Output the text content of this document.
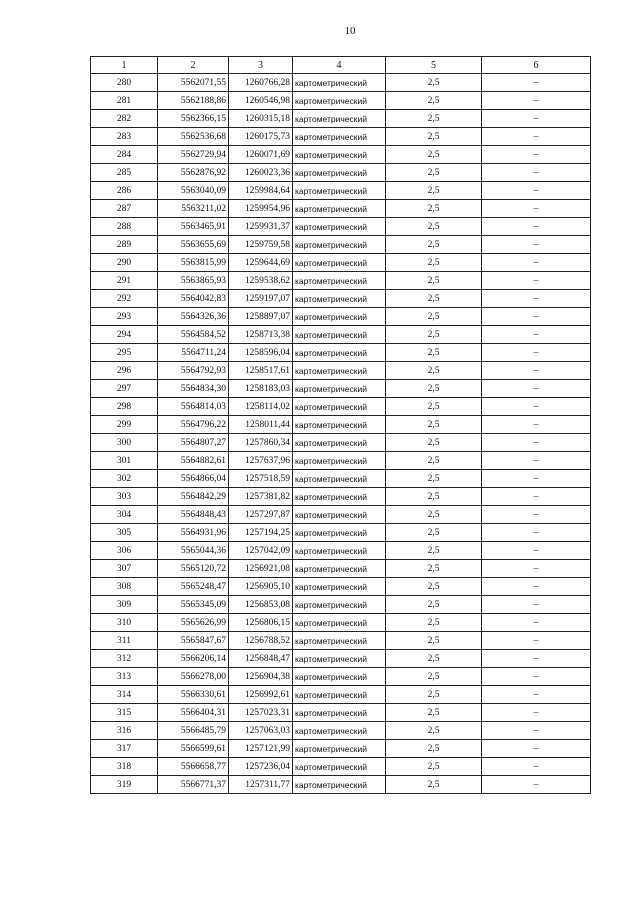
10
1	2	3	4	5	6
280	5562071,55	1260766,28	картометрический	2,5	–
281	5562188,86	1260546,98	картометрический	2,5	–
282	5562366,15	1260315,18	картометрический	2,5	–
283	5562536,68	1260175,73	картометрический	2,5	–
284	5562729,94	1260071,69	картометрический	2,5	–
285	5562876,92	1260023,36	картометрический	2,5	–
286	5563040,09	1259984,64	картометрический	2,5	–
287	5563211,02	1259954,96	картометрический	2,5	–
288	5563465,91	1259931,37	картометрический	2,5	–
289	5563655,69	1259759,58	картометрический	2,5	–
290	5563815,99	1259644,69	картометрический	2,5	–
291	5563865,93	1259538,62	картометрический	2,5	–
292	5564042,83	1259197,07	картометрический	2,5	–
293	5564326,36	1258897,07	картометрический	2,5	–
294	5564584,52	1258713,38	картометрический	2,5	–
295	5564711,24	1258596,04	картометрический	2,5	–
296	5564792,93	1258517,61	картометрический	2,5	–
297	5564834,30	1258183,03	картометрический	2,5	–
298	5564814,03	1258114,02	картометрический	2,5	–
299	5564796,22	1258011,44	картометрический	2,5	–
300	5564807,27	1257860,34	картометрический	2,5	–
301	5564882,61	1257637,96	картометрический	2,5	–
302	5564866,04	1257518,59	картометрический	2,5	–
303	5564842,29	1257381,82	картометрический	2,5	–
304	5564848,43	1257297,87	картометрический	2,5	–
305	5564931,96	1257194,25	картометрический	2,5	–
306	5565044,36	1257042,09	картометрический	2,5	–
307	5565120,72	1256921,08	картометрический	2,5	–
308	5565248,47	1256905,10	картометрический	2,5	–
309	5565345,09	1256853,08	картометрический	2,5	–
310	5565626,99	1256806,15	картометрический	2,5	–
311	5565847,67	1256788,52	картометрический	2,5	–
312	5566206,14	1256848,47	картометрический	2,5	–
313	5566278,00	1256904,38	картометрический	2,5	–
314	5566330,61	1256992,61	картометрический	2,5	–
315	5566404,31	1257023,31	картометрический	2,5	–
316	5566485,79	1257063,03	картометрический	2,5	–
317	5566599,61	1257121,99	картометрический	2,5	–
318	5566658,77	1257236,04	картометрический	2,5	–
319	5566771,37	1257311,77	картометрический	2,5	–
